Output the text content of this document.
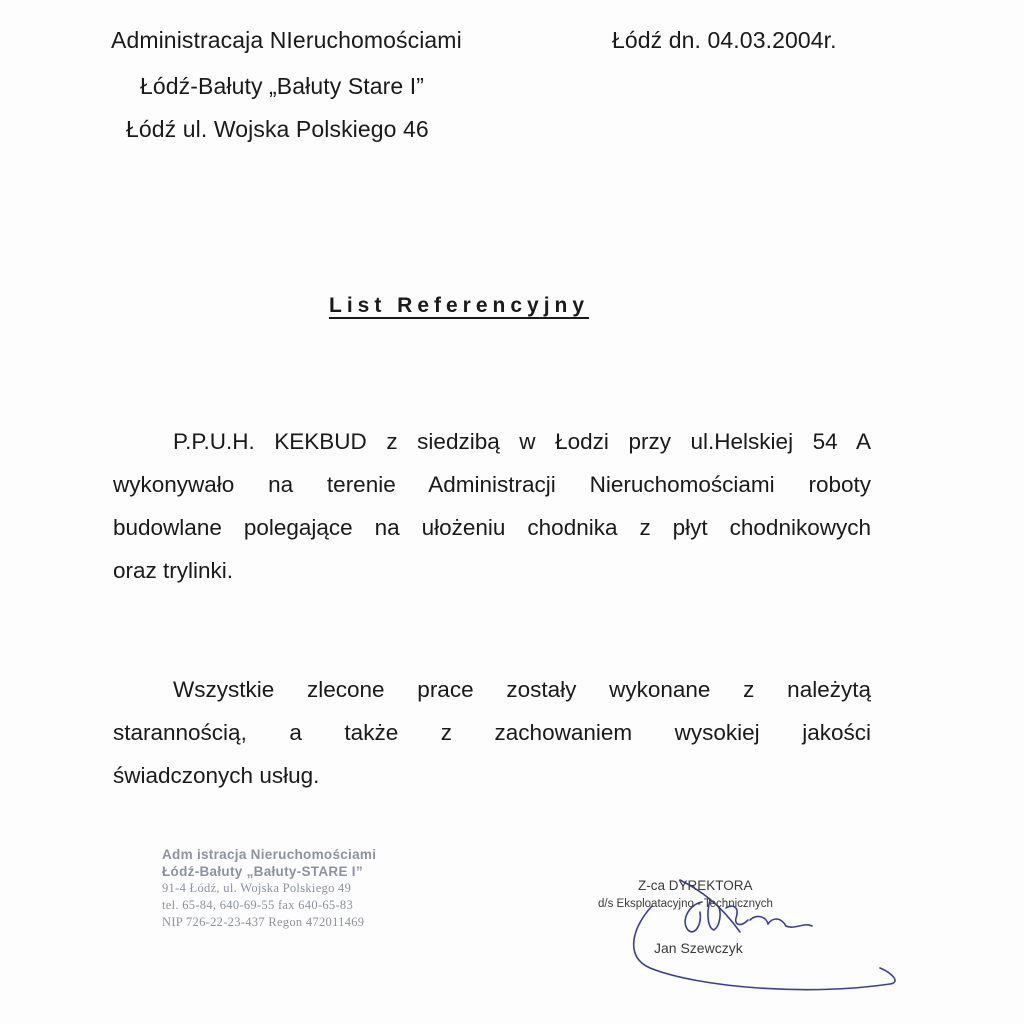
Administracaja NIeruchomościami	Łódź dn. 04.03.2004r.
Łódź-Bałuty „Bałuty Stare I”
Łódź ul. Wojska Polskiego 46
List Referencyjny
P.P.U.H. KEKBUD z siedzibą w Łodzi przy ul.Helskiej 54 A
wykonywało na terenie Administracji Nieruchomościami roboty
budowlane polegające na ułożeniu chodnika z płyt chodnikowych
oraz trylinki.
Wszystkie zlecone prace zostały wykonane z należytą
starannością, a także z zachowaniem wysokiej jakości
świadczonych usług.
Adm istracja Nieruchomościami
Łódź-Bałuty „Bałuty-STARE I”
91-4 Łódź, ul. Wojska Polskiego 49
tel. 65-84, 640-69-55 fax 640-65-83
NIP 726-22-23-437 Regon 472011469
Z-ca DYREKTORA
d/s Eksploatacyjno - Technicznych
Jan Szewczyk
